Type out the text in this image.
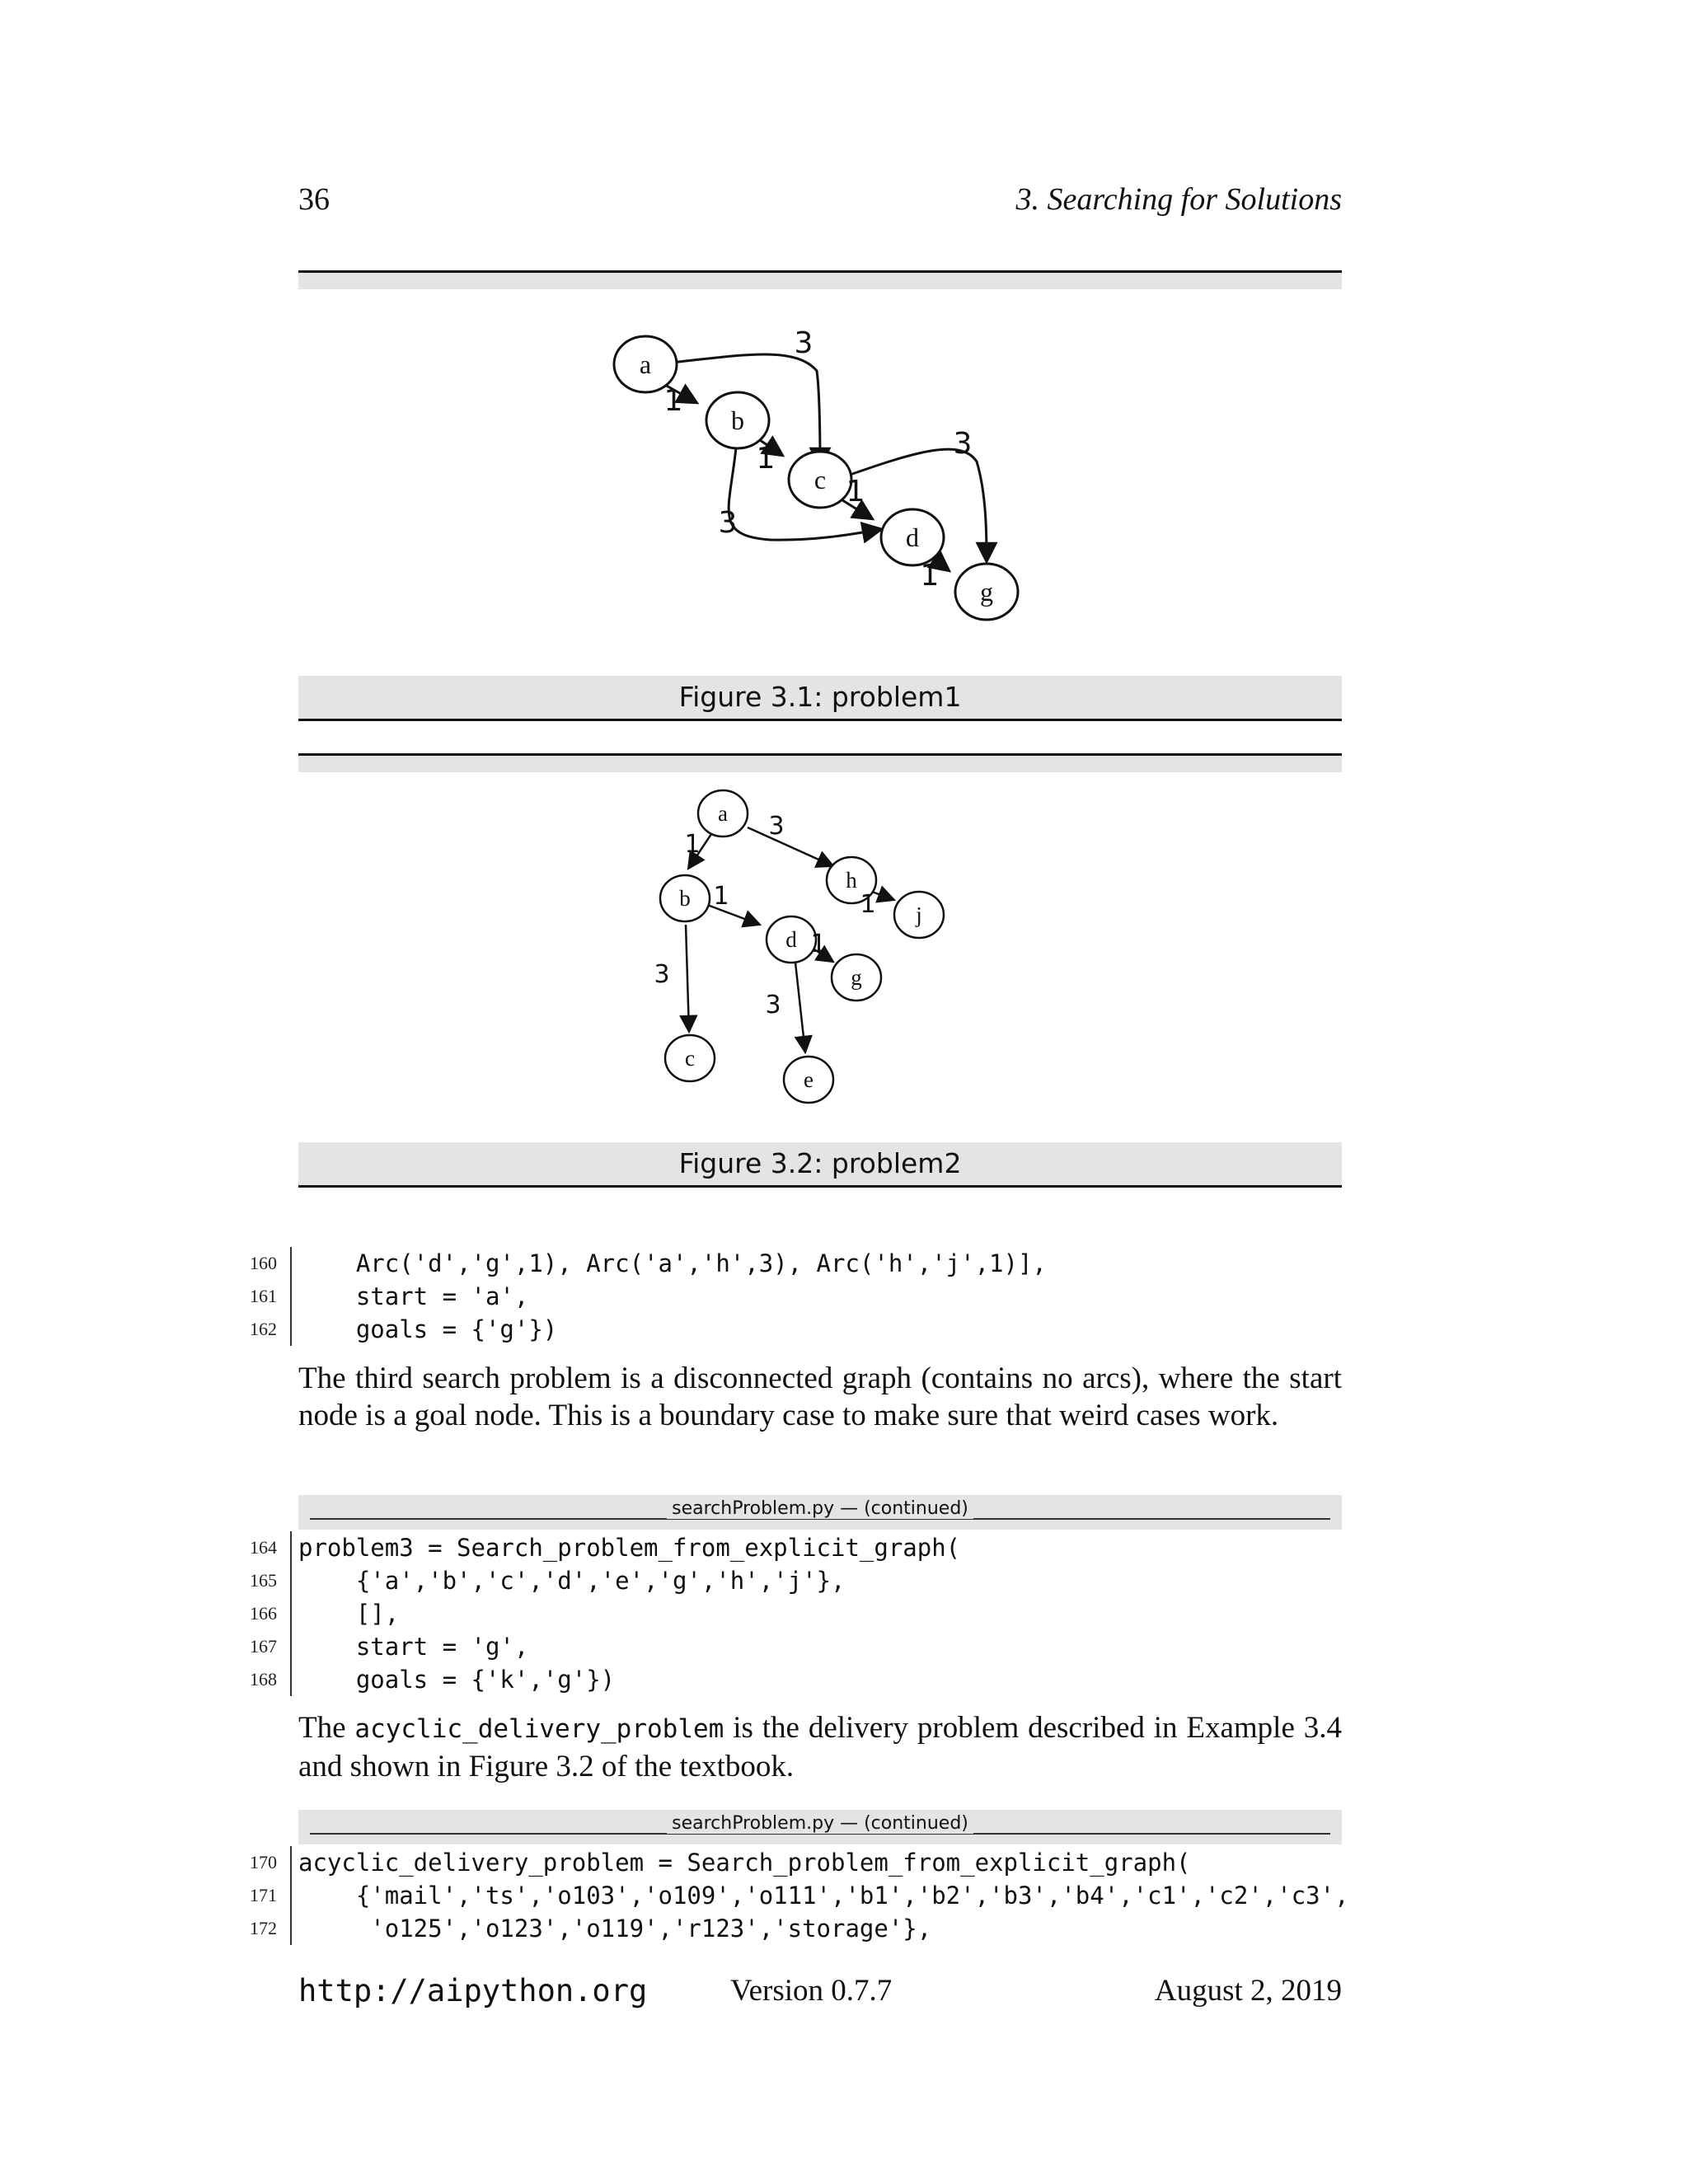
36	3. Searching for Solutions
a
b
c
d
g
3
1
1	3
3
1
1
Figure 3.1: problem1
a
b
h
j
d
g
c
e
1
3
1
1
1
3
3
Figure 3.2: problem2
160 Arc('d','g',1), Arc('a','h',3), Arc('h','j',1)],
161 start = 'a',
162 goals = {'g'})
The third search problem is a disconnected graph (contains no arcs), where the start node is a goal node. This is a boundary case to make sure that weird cases work.
searchProblem.py — (continued)
164 problem3 = Search_problem_from_explicit_graph(
165 {'a','b','c','d','e','g','h','j'},
166 [],
167 start = 'g',
168 goals = {'k','g'})
The acyclic_delivery_problem is the delivery problem described in Example 3.4 and shown in Figure 3.2 of the textbook.
searchProblem.py — (continued)
170 acyclic_delivery_problem = Search_problem_from_explicit_graph(
171 {'mail','ts','o103','o109','o111','b1','b2','b3','b4','c1','c2','c3',
172 'o125','o123','o119','r123','storage'},
http://aipython.org	Version 0.7.7	August 2, 2019
